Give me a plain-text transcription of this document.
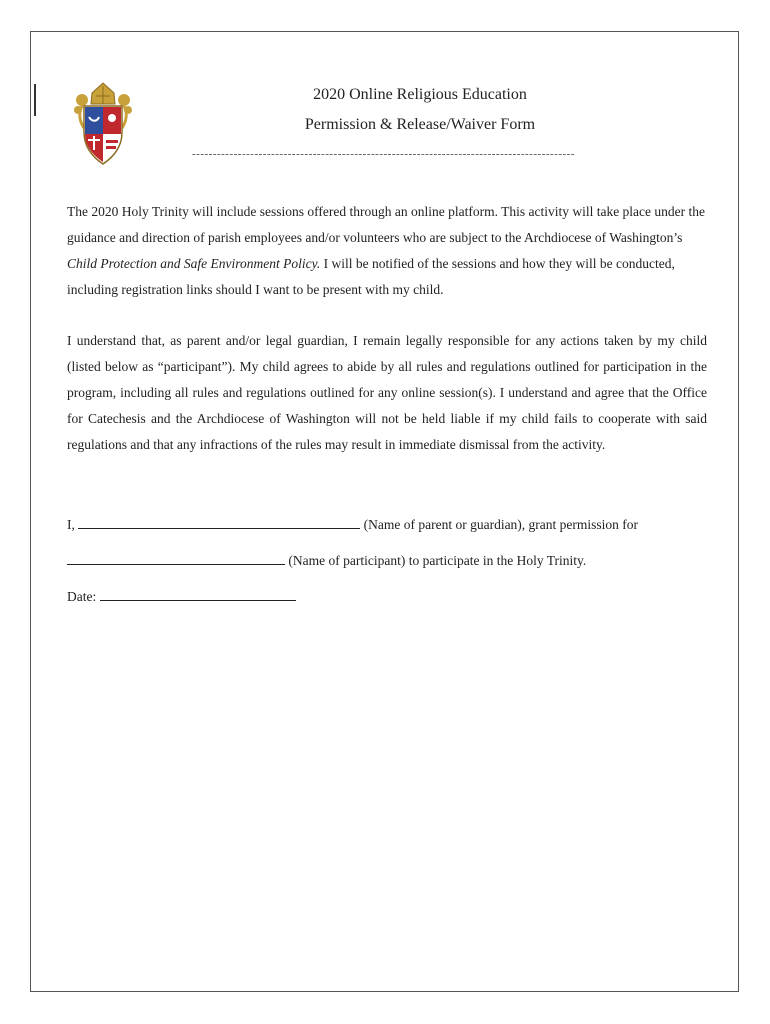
2020 Online Religious Education
Permission & Release/Waiver Form
--------------------------------------------------------------------------------------------

The 2020 Holy Trinity will include sessions offered through an online platform. This activity will take place under the guidance and direction of parish employees and/or volunteers who are subject to the Archdiocese of Washington’s Child Protection and Safe Environment Policy. I will be notified of the sessions and how they will be conducted, including registration links should I want to be present with my child.

I understand that, as parent and/or legal guardian, I remain legally responsible for any actions taken by my child (listed below as “participant”). My child agrees to abide by all rules and regulations outlined for participation in the program, including all rules and regulations outlined for any online session(s). I understand and agree that the Office for Catechesis and the Archdiocese of Washington will not be held liable if my child fails to cooperate with said regulations and that any infractions of the rules may result in immediate dismissal from the activity.

I,	(Name of parent or guardian), grant permission for
(Name of participant) to participate in the Holy Trinity.
Date:
